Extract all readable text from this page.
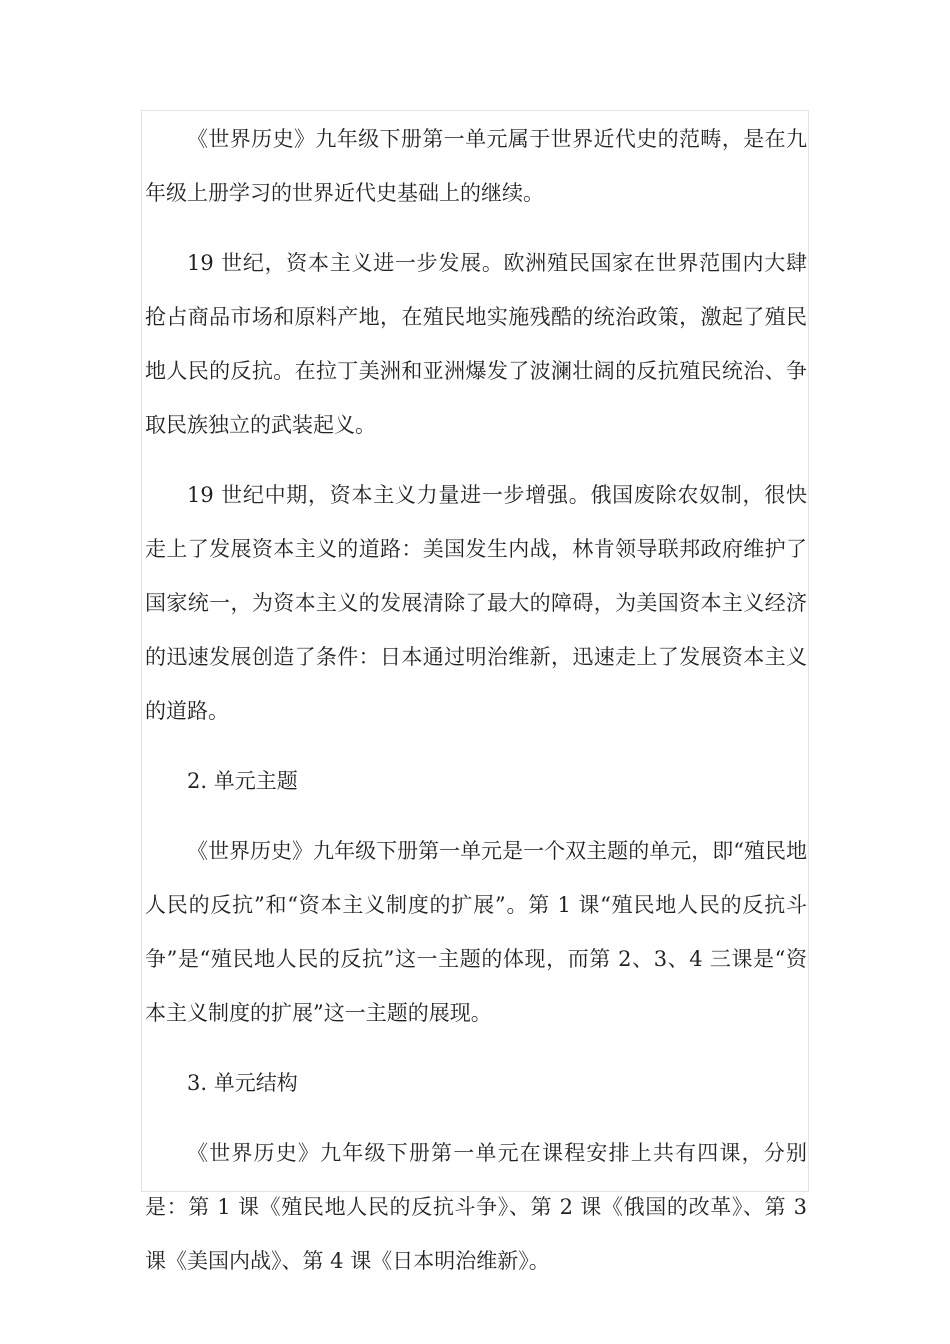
《世界历史》九年级下册第一单元属于世界近代史的范畴，是在九年级上册学习的世界近代史基础上的继续。

19 世纪，资本主义进一步发展。欧洲殖民国家在世界范围内大肆抢占商品市场和原料产地，在殖民地实施残酷的统治政策，激起了殖民地人民的反抗。在拉丁美洲和亚洲爆发了波澜壮阔的反抗殖民统治、争取民族独立的武装起义。

19 世纪中期，资本主义力量进一步增强。俄国废除农奴制，很快走上了发展资本主义的道路：美国发生内战，林肯领导联邦政府维护了国家统一，为资本主义的发展清除了最大的障碍，为美国资本主义经济的迅速发展创造了条件：日本通过明治维新，迅速走上了发展资本主义的道路。

2. 单元主题

《世界历史》九年级下册第一单元是一个双主题的单元，即“殖民地人民的反抗”和“资本主义制度的扩展”。第 1 课“殖民地人民的反抗斗争”是“殖民地人民的反抗”这一主题的体现，而第 2、3、4 三课是“资本主义制度的扩展”这一主题的展现。

3. 单元结构

《世界历史》九年级下册第一单元在课程安排上共有四课，分别是：第 1 课《殖民地人民的反抗斗争》、第 2 课《俄国的改革》、第 3 课《美国内战》、第 4 课《日本明治维新》。
